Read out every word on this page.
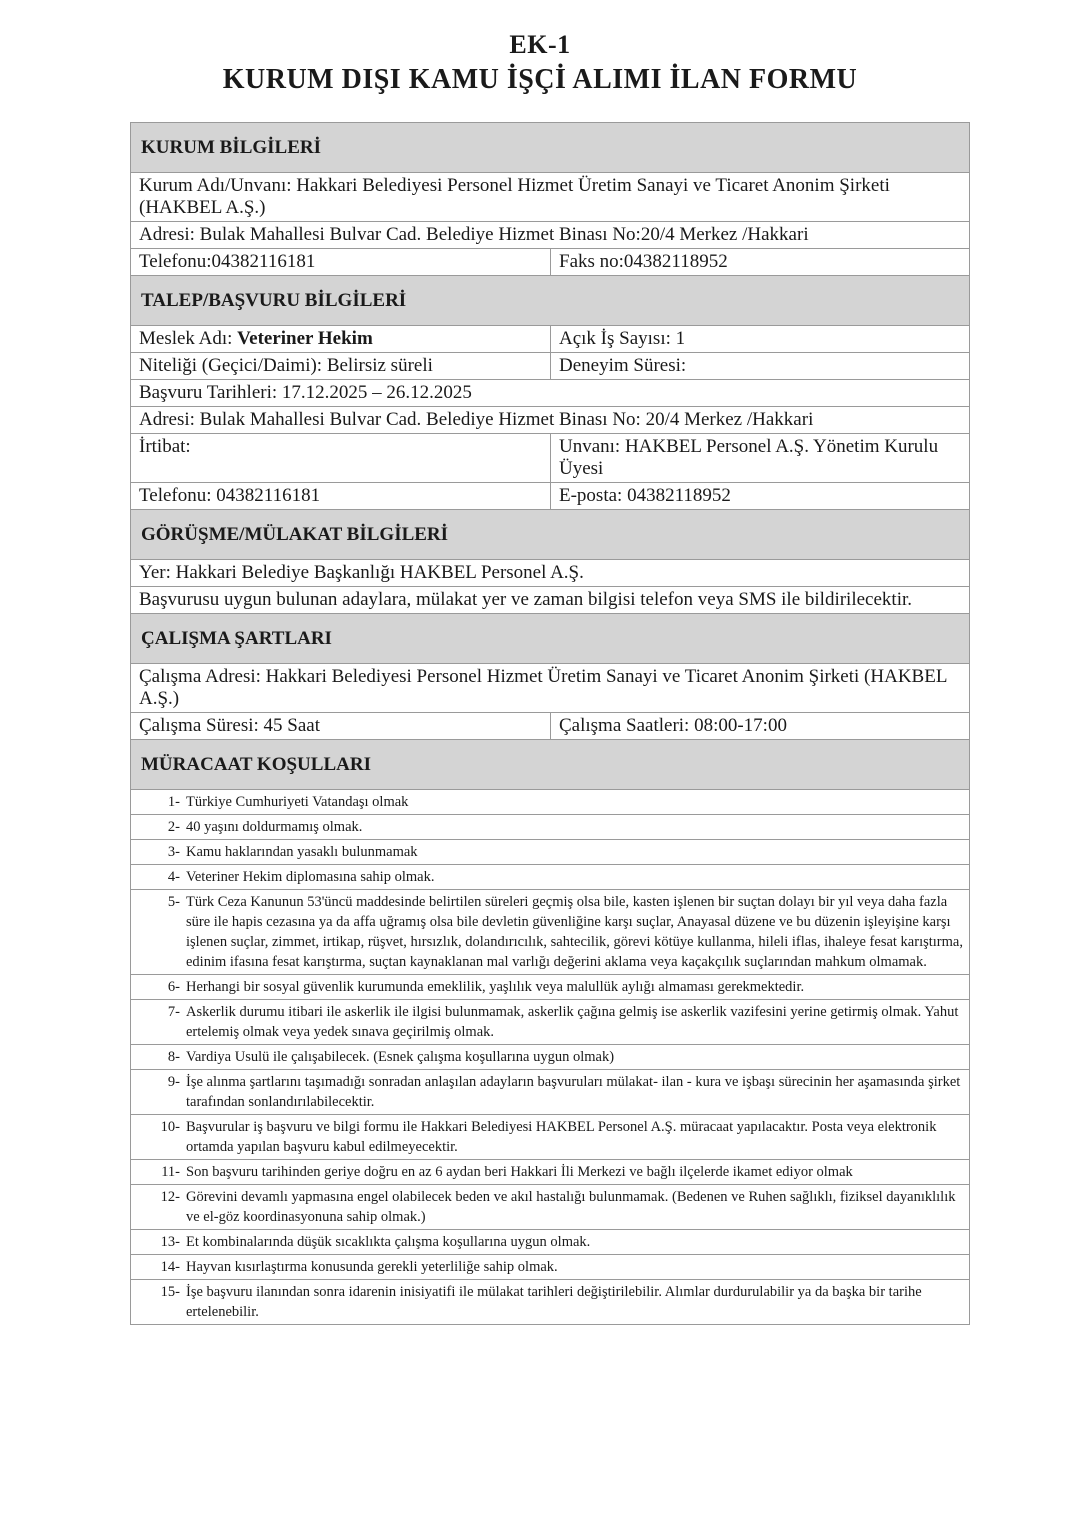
EK-1
KURUM DIŞI KAMU İŞÇİ ALIMI İLAN FORMU
KURUM BİLGİLERİ
Kurum Adı/Unvanı: Hakkari Belediyesi Personel Hizmet Üretim Sanayi ve Ticaret Anonim Şirketi (HAKBEL A.Ş.)
Adresi: Bulak Mahallesi Bulvar Cad. Belediye Hizmet Binası No:20/4 Merkez /Hakkari
Telefonu:04382116181	Faks no:04382118952
TALEP/BAŞVURU BİLGİLERİ
Meslek Adı: Veteriner Hekim	Açık İş Sayısı: 1
Niteliği (Geçici/Daimi): Belirsiz süreli	Deneyim Süresi:
Başvuru Tarihleri: 17.12.2025 – 26.12.2025
Adresi: Bulak Mahallesi Bulvar Cad. Belediye Hizmet Binası No: 20/4 Merkez /Hakkari
İrtibat:	Unvanı: HAKBEL Personel A.Ş. Yönetim Kurulu Üyesi
Telefonu: 04382116181	E-posta: 04382118952
GÖRÜŞME/MÜLAKAT BİLGİLERİ
Yer: Hakkari Belediye Başkanlığı HAKBEL Personel A.Ş.
Başvurusu uygun bulunan adaylara, mülakat yer ve zaman bilgisi telefon veya SMS ile bildirilecektir.
ÇALIŞMA ŞARTLARI
Çalışma Adresi: Hakkari Belediyesi Personel Hizmet Üretim Sanayi ve Ticaret Anonim Şirketi (HAKBEL A.Ş.)
Çalışma Süresi: 45 Saat	Çalışma Saatleri: 08:00-17:00
MÜRACAAT KOŞULLARI
1- Türkiye Cumhuriyeti Vatandaşı olmak
2- 40 yaşını doldurmamış olmak.
3- Kamu haklarından yasaklı bulunmamak
4- Veteriner Hekim diplomasına sahip olmak.
5- Türk Ceza Kanunun 53'üncü maddesinde belirtilen süreleri geçmiş olsa bile, kasten işlenen bir suçtan dolayı bir yıl veya daha fazla süre ile hapis cezasına ya da affa uğramış olsa bile devletin güvenliğine karşı suçlar, Anayasal düzene ve bu düzenin işleyişine karşı işlenen suçlar, zimmet, irtikap, rüşvet, hırsızlık, dolandırıcılık, sahtecilik, görevi kötüye kullanma, hileli iflas, ihaleye fesat karıştırma, edinim ifasına fesat karıştırma, suçtan kaynaklanan mal varlığı değerini aklama veya kaçakçılık suçlarından mahkum olmamak.
6- Herhangi bir sosyal güvenlik kurumunda emeklilik, yaşlılık veya malullük aylığı almaması gerekmektedir.
7- Askerlik durumu itibari ile askerlik ile ilgisi bulunmamak, askerlik çağına gelmiş ise askerlik vazifesini yerine getirmiş olmak. Yahut ertelemiş olmak veya yedek sınava geçirilmiş olmak.
8- Vardiya Usulü ile çalışabilecek. (Esnek çalışma koşullarına uygun olmak)
9- İşe alınma şartlarını taşımadığı sonradan anlaşılan adayların başvuruları mülakat- ilan - kura ve işbaşı sürecinin her aşamasında şirket tarafından sonlandırılabilecektir.
10- Başvurular iş başvuru ve bilgi formu ile Hakkari Belediyesi HAKBEL Personel A.Ş. müracaat yapılacaktır. Posta veya elektronik ortamda yapılan başvuru kabul edilmeyecektir.
11- Son başvuru tarihinden geriye doğru en az 6 aydan beri Hakkari İli Merkezi ve bağlı ilçelerde ikamet ediyor olmak
12- Görevini devamlı yapmasına engel olabilecek beden ve akıl hastalığı bulunmamak. (Bedenen ve Ruhen sağlıklı, fiziksel dayanıklılık ve el-göz koordinasyonuna sahip olmak.)
13- Et kombinalarında düşük sıcaklıkta çalışma koşullarına uygun olmak.
14- Hayvan kısırlaştırma konusunda gerekli yeterliliğe sahip olmak.
15- İşe başvuru ilanından sonra idarenin inisiyatifi ile mülakat tarihleri değiştirilebilir. Alımlar durdurulabilir ya da başka bir tarihe ertelenebilir.
